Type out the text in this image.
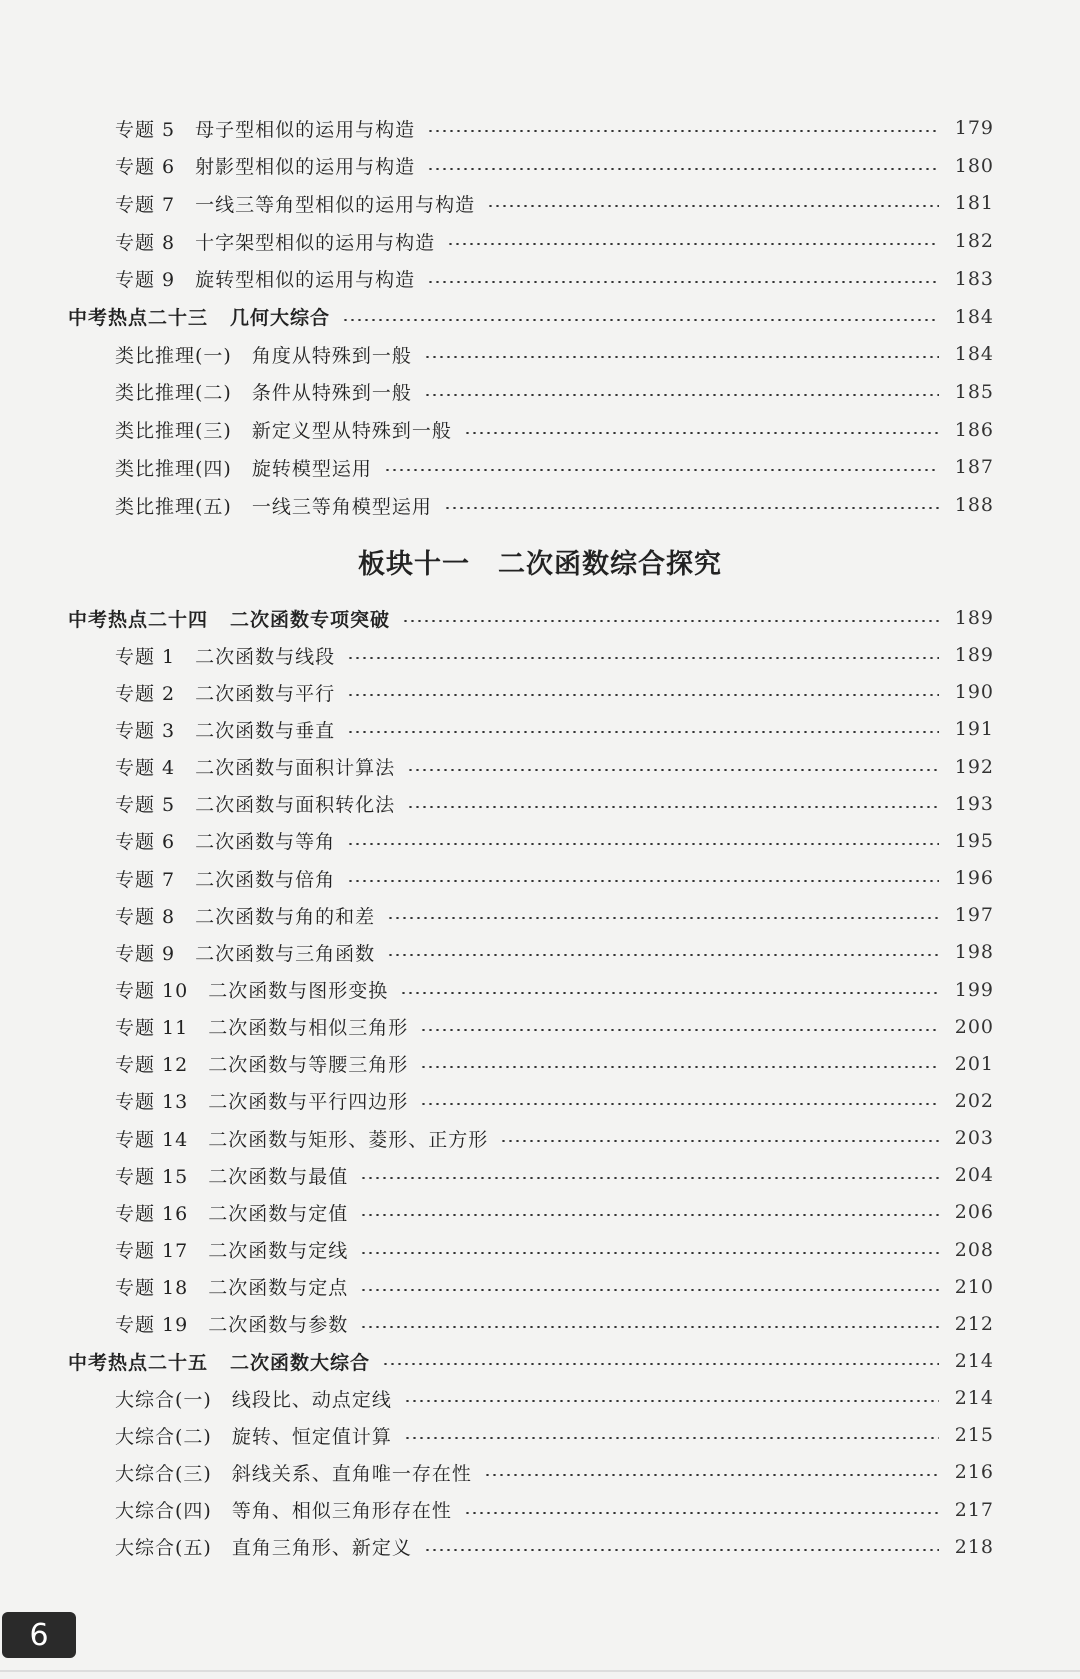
专题 5 母子型相似的运用与构造	179
专题 6 射影型相似的运用与构造	180
专题 7 一线三等角型相似的运用与构造	181
专题 8 十字架型相似的运用与构造	182
专题 9 旋转型相似的运用与构造	183
中考热点二十三 几何大综合	184
类比推理(一) 角度从特殊到一般	184
类比推理(二) 条件从特殊到一般	185
类比推理(三) 新定义型从特殊到一般	186
类比推理(四) 旋转模型运用	187
类比推理(五) 一线三等角模型运用	188
板块十一　二次函数综合探究
中考热点二十四 二次函数专项突破	189
专题 1 二次函数与线段	189
专题 2 二次函数与平行	190
专题 3 二次函数与垂直	191
专题 4 二次函数与面积计算法	192
专题 5 二次函数与面积转化法	193
专题 6 二次函数与等角	195
专题 7 二次函数与倍角	196
专题 8 二次函数与角的和差	197
专题 9 二次函数与三角函数	198
专题 10 二次函数与图形变换	199
专题 11 二次函数与相似三角形	200
专题 12 二次函数与等腰三角形	201
专题 13 二次函数与平行四边形	202
专题 14 二次函数与矩形、菱形、正方形	203
专题 15 二次函数与最值	204
专题 16 二次函数与定值	206
专题 17 二次函数与定线	208
专题 18 二次函数与定点	210
专题 19 二次函数与参数	212
中考热点二十五 二次函数大综合	214
大综合(一) 线段比、动点定线	214
大综合(二) 旋转、恒定值计算	215
大综合(三) 斜线关系、直角唯一存在性	216
大综合(四) 等角、相似三角形存在性	217
大综合(五) 直角三角形、新定义	218
6
